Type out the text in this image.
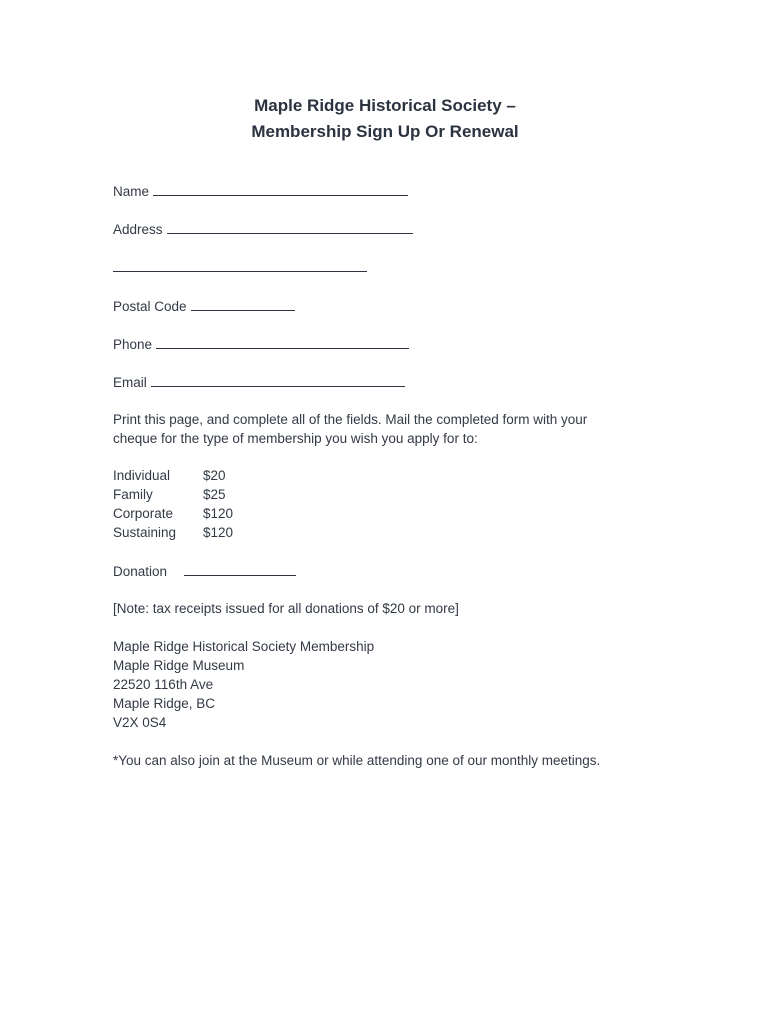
Maple Ridge Historical Society –
Membership Sign Up Or Renewal
Name
Address
Postal Code
Phone
Email
Print this page, and complete all of the fields. Mail the completed form with your
cheque for the type of membership you wish you apply for to:
Individual $20
Family	$25
Corporate $120
Sustaining $120
Donation
[Note: tax receipts issued for all donations of $20 or more]
Maple Ridge Historical Society Membership
Maple Ridge Museum
22520 116th Ave
Maple Ridge, BC
V2X 0S4
*You can also join at the Museum or while attending one of our monthly meetings.
